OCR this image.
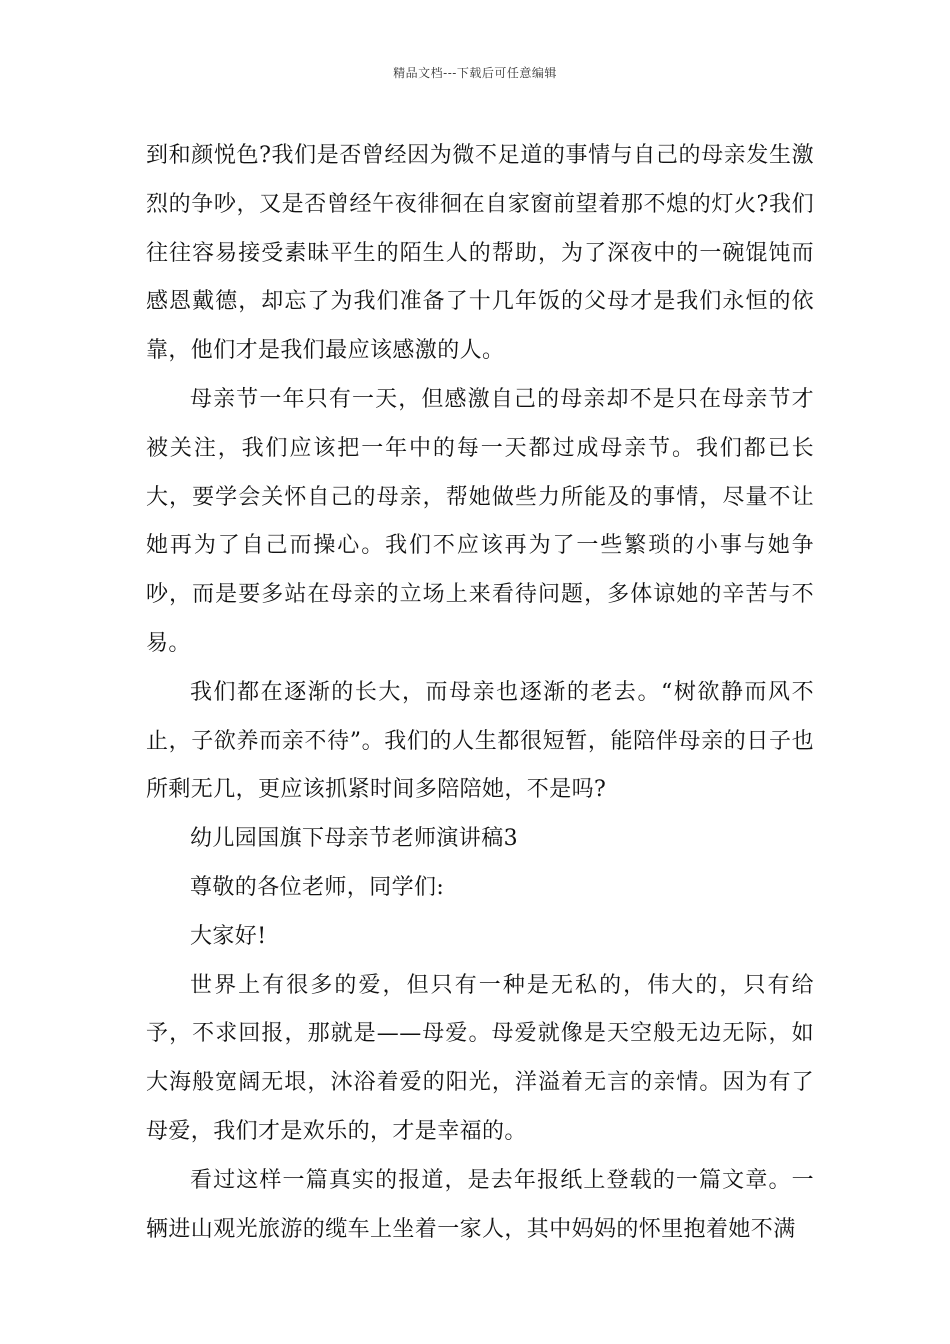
精品文档---下载后可任意编辑

到和颜悦色?我们是否曾经因为微不足道的事情与自己的母亲发生激烈的争吵，又是否曾经午夜徘徊在自家窗前望着那不熄的灯火?我们往往容易接受素昧平生的陌生人的帮助，为了深夜中的一碗馄饨而感恩戴德，却忘了为我们准备了十几年饭的父母才是我们永恒的依靠，他们才是我们最应该感激的人。

母亲节一年只有一天，但感激自己的母亲却不是只在母亲节才被关注，我们应该把一年中的每一天都过成母亲节。我们都已长大，要学会关怀自己的母亲，帮她做些力所能及的事情，尽量不让她再为了自己而操心。我们不应该再为了一些繁琐的小事与她争吵，而是要多站在母亲的立场上来看待问题，多体谅她的辛苦与不易。

我们都在逐渐的长大，而母亲也逐渐的老去。“树欲静而风不止，子欲养而亲不待”。我们的人生都很短暂，能陪伴母亲的日子也所剩无几，更应该抓紧时间多陪陪她，不是吗?

幼儿园国旗下母亲节老师演讲稿3

尊敬的各位老师，同学们:

大家好!

世界上有很多的爱，但只有一种是无私的，伟大的，只有给予，不求回报，那就是——母爱。母爱就像是天空般无边无际，如大海般宽阔无垠，沐浴着爱的阳光，洋溢着无言的亲情。因为有了母爱，我们才是欢乐的，才是幸福的。

看过这样一篇真实的报道，是去年报纸上登载的一篇文章。一辆进山观光旅游的缆车上坐着一家人，其中妈妈的怀里抱着她不满
